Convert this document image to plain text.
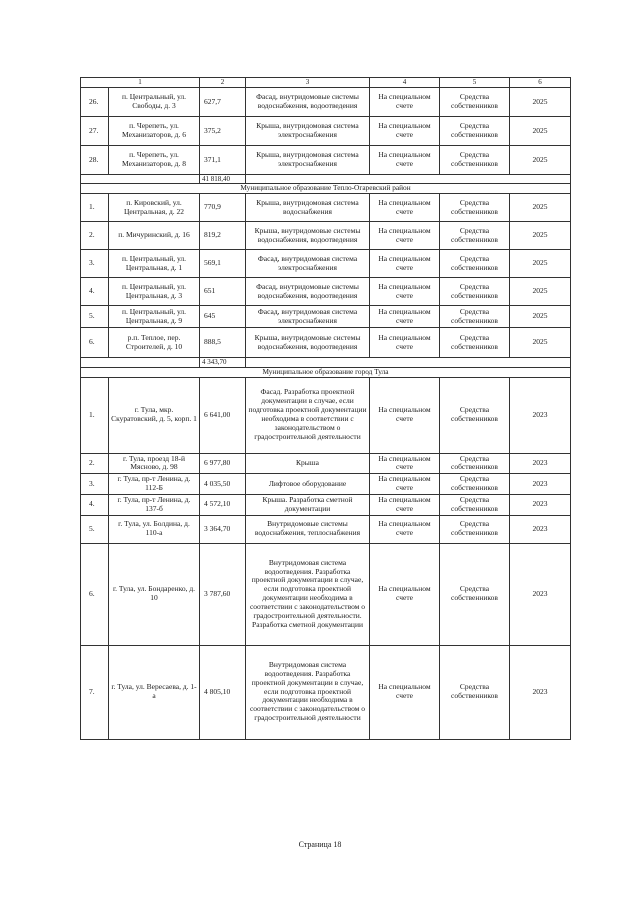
1		2	3	4	5	6
26.	п. Центральный, ул. Свободы, д. 3	627,7	Фасад, внутридомовые системы водоснабжения, водоотведения	На специальном счете	Средства собственников	2025
27.	п. Черепеть, ул. Механизаторов, д. 6	375,2	Крыша, внутридомовая система электроснабжения	На специальном счете	Средства собственников	2025
28.	п. Черепеть, ул. Механизаторов, д. 8	371,1	Крыша, внутридомовая система электроснабжения	На специальном счете	Средства собственников	2025
		41 818,40				
Муниципальное образование Тепло-Огаревский район						
1.	п. Кировский, ул. Центральная, д. 22	770,9	Крыша, внутридомовая система водоснабжения	На специальном счете	Средства собственников	2025
2.	п. Мичуринский, д. 16	819,2	Крыша, внутридомовые системы водоснабжения, водоотведения	На специальном счете	Средства собственников	2025
3.	п. Центральный, ул. Центральная, д. 1	569,1	Фасад, внутридомовая система электроснабжения	На специальном счете	Средства собственников	2025
4.	п. Центральный, ул. Центральная, д. 3	651	Фасад, внутридомовые системы водоснабжения, водоотведения	На специальном счете	Средства собственников	2025
5.	п. Центральный, ул. Центральная, д. 9	645	Фасад, внутридомовая система электроснабжения	На специальном счете	Средства собственников	2025
6.	р.п. Теплое, пер. Строителей, д. 10	888,5	Крыша, внутридомовые системы водоснабжения, водоотведения	На специальном счете	Средства собственников	2025
		4 343,70				
Муниципальное образование город Тула						
1.	г. Тула, мкр. Скуратовский, д. 5, корп. 1	6 641,00	Фасад. Разработка проектной документации в случае, если подготовка проектной документации необходима в соответствии с законодательством о градостроительной деятельности	На специальном счете	Средства собственников	2023
2.	г. Тула, проезд 18-й Мясново, д. 98	6 977,80	Крыша	На специальном счете	Средства собственников	2023
3.	г. Тула, пр-т Ленина, д. 112-Б	4 035,50	Лифтовое оборудование	На специальном счете	Средства собственников	2023
4.	г. Тула, пр-т Ленина, д. 137-б	4 572,10	Крыша. Разработка сметной документации	На специальном счете	Средства собственников	2023
5.	г. Тула, ул. Болдина, д. 110-а	3 364,70	Внутридомовые системы водоснабжения, теплоснабжения	На специальном счете	Средства собственников	2023
6.	г. Тула, ул. Бондаренко, д. 10	3 787,60	Внутридомовая система водоотведения. Разработка проектной документации в случае, если подготовка проектной документации необходима в соответствии с законодательством о градостроительной деятельности. Разработка сметной документации	На специальном счете	Средства собственников	2023
7.	г. Тула, ул. Вересаева, д. 1-а	4 805,10	Внутридомовая система водоотведения. Разработка проектной документации в случае, если подготовка проектной документации необходима в соответствии с законодательством о градостроительной деятельности	На специальном счете	Средства собственников	2023
Страница 18
